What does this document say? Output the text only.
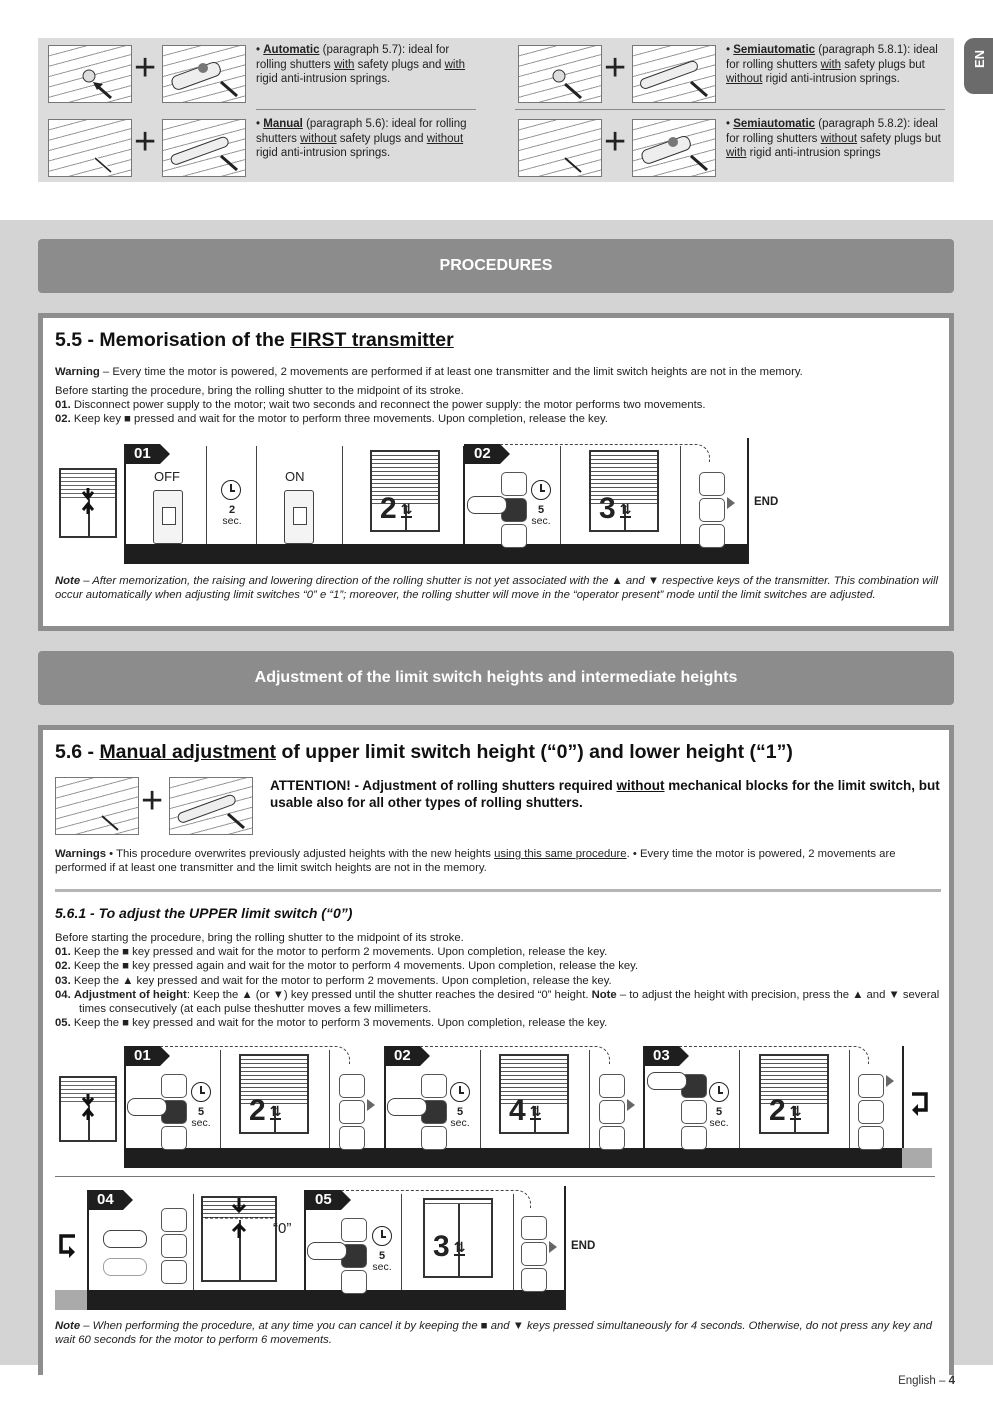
+	• Automatic (paragraph 5.7): ideal for rolling shutters with safety plugs and with rigid anti-intrusion springs.	+	• Semiautomatic (paragraph 5.8.1): ideal for rolling shutters with safety plugs but without rigid anti-intrusion springs.
+	• Manual (paragraph 5.6): ideal for rolling shutters without safety plugs and without rigid anti-intrusion springs.	+	• Semiautomatic (paragraph 5.8.2): ideal for rolling shutters without safety plugs but with rigid anti-intrusion springs
EN
PROCEDURES
5.5 - Memorisation of the FIRST transmitter
Warning – Every time the motor is powered, 2 movements are performed if at least one transmitter and the limit switch heights are not in the memory.
Before starting the procedure, bring the rolling shutter to the midpoint of its stroke.
01. Disconnect power supply to the motor; wait two seconds and reconnect the power supply: the motor performs two movements.
02. Keep key ■ pressed and wait for the motor to perform three movements. Upon completion, release the key.
01
OFF
2
sec.
ON
2 ⇅
02
5
sec. 3 ⇅	END
Note – After memorization, the raising and lowering direction of the rolling shutter is not yet associated with the ▲ and ▼ respective keys of the transmitter. This combination will occur automatically when adjusting limit switches “0” e “1”; moreover, the rolling shutter will move in the “operator present” mode until the limit switches are adjusted.
Adjustment of the limit switch heights and intermediate heights
5.6 - Manual adjustment of upper limit switch height (“0”) and lower height (“1”)
+	ATTENTION! - Adjustment of rolling shutters required without mechanical blocks for the limit switch, but usable also for all other types of rolling shutters.
Warnings • This procedure overwrites previously adjusted heights with the new heights using this same procedure. • Every time the motor is powered, 2 movements are performed if at least one transmitter and the limit switch heights are not in the memory.
5.6.1 - To adjust the UPPER limit switch (“0”)
Before starting the procedure, bring the rolling shutter to the midpoint of its stroke.
01. Keep the ■ key pressed and wait for the motor to perform 2 movements. Upon completion, release the key.
02. Keep the ■ key pressed again and wait for the motor to perform 4 movements. Upon completion, release the key.
03. Keep the ▲ key pressed and wait for the motor to perform 2 movements. Upon completion, release the key.
04. Adjustment of height: Keep the ▲ (or ▼) key pressed until the shutter reaches the desired “0” height. Note – to adjust the height with precision, press the ▲ and ▼ several times consecutively (at each pulse theshutter moves a few millimeters.
05. Keep the ■ key pressed and wait for the motor to perform 3 movements. Upon completion, release the key.
01
5
sec. 2 ⇅
02
5
sec. 4 ⇅
03
5
sec. 2 ⇅
04
“0”
05
5
sec.
3 ⇅	END
Note – When performing the procedure, at any time you can cancel it by keeping the ■ and ▼ keys pressed simultaneously for 4 seconds. Otherwise, do not press any key and wait 60 seconds for the motor to perform 6 movements.
English – 4
